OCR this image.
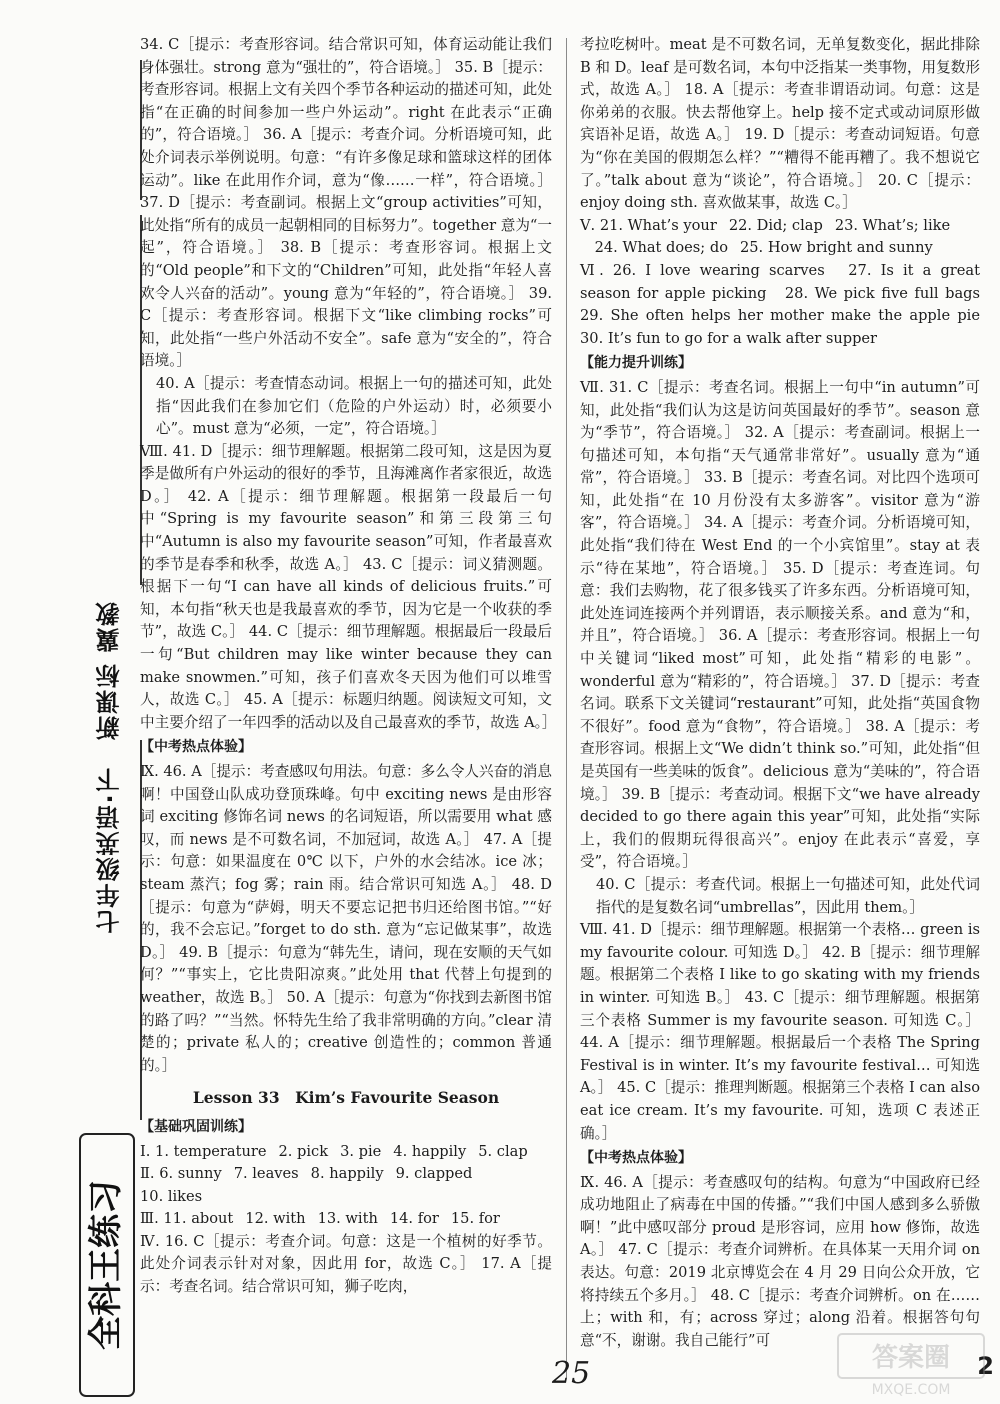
七年级英语·下　新课标 冀教
全科王练习

34. C［提示：考查形容词。结合常识可知，体育运动能让我们身体强壮。strong 意为“强壮的”，符合语境。］ 35. B［提示：考查形容词。根据上文有关四个季节各种运动的描述可知，此处指“在正确的时间参加一些户外运动”。right 在此表示“正确的”，符合语境。］ 36. A［提示：考查介词。分析语境可知，此处介词表示举例说明。句意：“有许多像足球和篮球这样的团体运动”。like 在此用作介词，意为“像……一样”，符合语境。］ 37. D［提示：考查副词。根据上文“group activities”可知，此处指“所有的成员一起朝相同的目标努力”。together 意为“一起”，符合语境。］ 38. B［提示：考查形容词。根据上文的“Old people”和下文的“Children”可知，此处指“年轻人喜欢令人兴奋的活动”。young 意为“年轻的”，符合语境。］ 39. C［提示：考查形容词。根据下文“like climbing rocks”可知，此处指“一些户外活动不安全”。safe 意为“安全的”，符合语境。］

40. A［提示：考查情态动词。根据上一句的描述可知，此处指“因此我们在参加它们（危险的户外运动）时，必须要小心”。must 意为“必须，一定”，符合语境。］

Ⅷ. 41. D［提示：细节理解题。根据第二段可知，这是因为夏季是做所有户外运动的很好的季节，且海滩离作者家很近，故选 D。］ 42. A［提示：细节理解题。根据第一段最后一句中“Spring is my favourite season”和第三段第三句中“Autumn is also my favourite season”可知，作者最喜欢的季节是春季和秋季，故选 A。］ 43. C［提示：词义猜测题。根据下一句“I can have all kinds of delicious fruits.”可知，本句指“秋天也是我最喜欢的季节，因为它是一个收获的季节”，故选 C。］ 44. C［提示：细节理解题。根据最后一段最后一句“But children may like winter because they can make snowmen.”可知，孩子们喜欢冬天因为他们可以堆雪人，故选 C。］ 45. A［提示：标题归纳题。阅读短文可知，文中主要介绍了一年四季的活动以及自己最喜欢的季节，故选 A。］

【中考热点体验】

Ⅸ. 46. A［提示：考查感叹句用法。句意：多么令人兴奋的消息啊！中国登山队成功登顶珠峰。句中 exciting news 是由形容词 exciting 修饰名词 news 的名词短语，所以需要用 what 感叹，而 news 是不可数名词，不加冠词，故选 A。］ 47. A［提示：句意：如果温度在 0℃ 以下，户外的水会结冰。ice 冰；steam 蒸汽；fog 雾；rain 雨。结合常识可知选 A。］ 48. D［提示：句意为“萨姆，明天不要忘记把书归还给图书馆。”“好的，我不会忘记。”forget to do sth. 意为“忘记做某事”，故选 D。］ 49. B［提示：句意为“韩先生，请问，现在安顺的天气如何？”“事实上，它比贵阳凉爽。”此处用 that 代替上句提到的 weather，故选 B。］ 50. A［提示：句意为“你找到去新图书馆的路了吗？”“当然。怀特先生给了我非常明确的方向。”clear 清楚的；private 私人的；creative 创造性的；common 普通的。］

Lesson 33　Kim’s Favourite Season
【基础巩固训练】
Ⅰ. 1. temperature 2. pick 3. pie 4. happily 5. clap
Ⅱ. 6. sunny 7. leaves 8. happily 9. clapped
10. likes
Ⅲ. 11. about 12. with 13. with 14. for 15. for

Ⅳ. 16. C［提示：考查介词。句意：这是一个植树的好季节。此处介词表示针对对象，因此用 for，故选 C。］ 17. A［提示：考查名词。结合常识可知，狮子吃肉，

考拉吃树叶。meat 是不可数名词，无单复数变化，据此排除 B 和 D。leaf 是可数名词，本句中泛指某一类事物，用复数形式，故选 A。］ 18. A［提示：考查非谓语动词。句意：这是你弟弟的衣服。快去帮他穿上。help 接不定式或动词原形做宾语补足语，故选 A。］ 19. D［提示：考查动词短语。句意为“你在美国的假期怎么样？”“糟得不能再糟了。我不想说它了。”talk about 意为“谈论”，符合语境。］ 20. C［提示：enjoy doing sth. 喜欢做某事，故选 C。］

Ⅴ. 21. What’s your 22. Did; clap 23. What’s; like
　24. What does; do 25. How bright and sunny

Ⅵ. 26. I love wearing scarves　27. Is it a great season for apple picking　28. We pick five full bags　29. She often helps her mother make the apple pie　30. It’s fun to go for a walk after supper

【能力提升训练】

Ⅶ. 31. C［提示：考查名词。根据上一句中“in autumn”可知，此处指“我们认为这是访问英国最好的季节”。season 意为“季节”，符合语境。］ 32. A［提示：考查副词。根据上一句描述可知，本句指“天气通常非常好”。usually 意为“通常”，符合语境。］ 33. B［提示：考查名词。对比四个选项可知，此处指“在 10 月份没有太多游客”。visitor 意为“游客”，符合语境。］ 34. A［提示：考查介词。分析语境可知，此处指“我们待在 West End 的一个小宾馆里”。stay at 表示“待在某地”，符合语境。］ 35. D［提示：考查连词。句意：我们去购物，花了很多钱买了许多东西。分析语境可知，此处连词连接两个并列谓语，表示顺接关系。and 意为“和，并且”，符合语境。］ 36. A［提示：考查形容词。根据上一句中关键词“liked most”可知，此处指“精彩的电影”。wonderful 意为“精彩的”，符合语境。］ 37. D［提示：考查名词。联系下文关键词“restaurant”可知，此处指“英国食物不很好”。food 意为“食物”，符合语境。］ 38. A［提示：考查形容词。根据上文“We didn’t think so.”可知，此处指“但是英国有一些美味的饭食”。delicious 意为“美味的”，符合语境。］ 39. B［提示：考查动词。根据下文“we have already decided to go there again this year”可知，此处指“实际上，我们的假期玩得很高兴”。enjoy 在此表示“喜爱，享受”，符合语境。］

40. C［提示：考查代词。根据上一句描述可知，此处代词指代的是复数名词“umbrellas”，因此用 them。］

Ⅷ. 41. D［提示：细节理解题。根据第一个表格… green is my favourite colour. 可知选 D。］ 42. B［提示：细节理解题。根据第二个表格 I like to go skating with my friends in winter. 可知选 B。］ 43. C［提示：细节理解题。根据第三个表格 Summer is my favourite season. 可知选 C。］ 44. A［提示：细节理解题。根据最后一个表格 The Spring Festival is in winter. It’s my favourite festival… 可知选 A。］ 45. C［提示：推理判断题。根据第三个表格 I can also eat ice cream. It’s my favourite. 可知，选项 C 表述正确。］

【中考热点体验】

Ⅸ. 46. A［提示：考查感叹句的结构。句意为“中国政府已经成功地阻止了病毒在中国的传播。”“我们中国人感到多么骄傲啊！”此中感叹部分 proud 是形容词，应用 how 修饰，故选 A。］ 47. C［提示：考查介词辨析。在具体某一天用介词 on 表达。句意：2019 北京博览会在 4 月 29 日向公众开放，它将持续五个多月。］ 48. C［提示：考查介词辨析。on 在……上；with 和，有；across 穿过；along 沿着。根据答句句意“不，谢谢。我自己能行”可

25	2
答案圈
MXQE.COM
